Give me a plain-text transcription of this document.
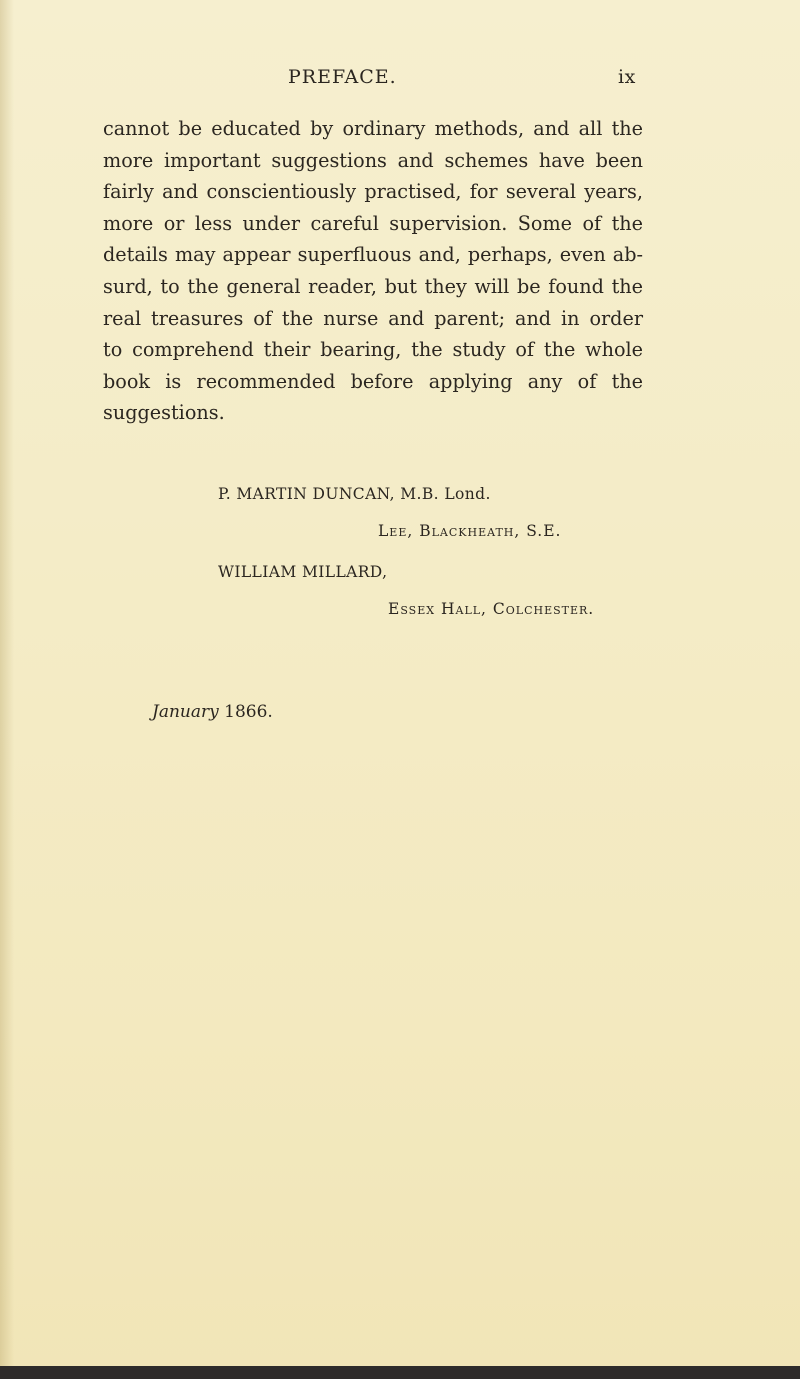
PREFACE.	ix
cannot be educated by ordinary methods, and all the
more important suggestions and schemes have been
fairly and conscientiously practised, for several years,
more or less under careful supervision. Some of the
details may appear superfluous and, perhaps, even ab-
surd, to the general reader, but they will be found the
real treasures of the nurse and parent; and in order
to comprehend their bearing, the study of the whole
book is recommended before applying any of the
suggestions.
P. MARTIN DUNCAN, M.B. Lond.
Lee, Blackheath, S.E.
WILLIAM MILLARD,
Essex Hall, Colchester.
January 1866.
